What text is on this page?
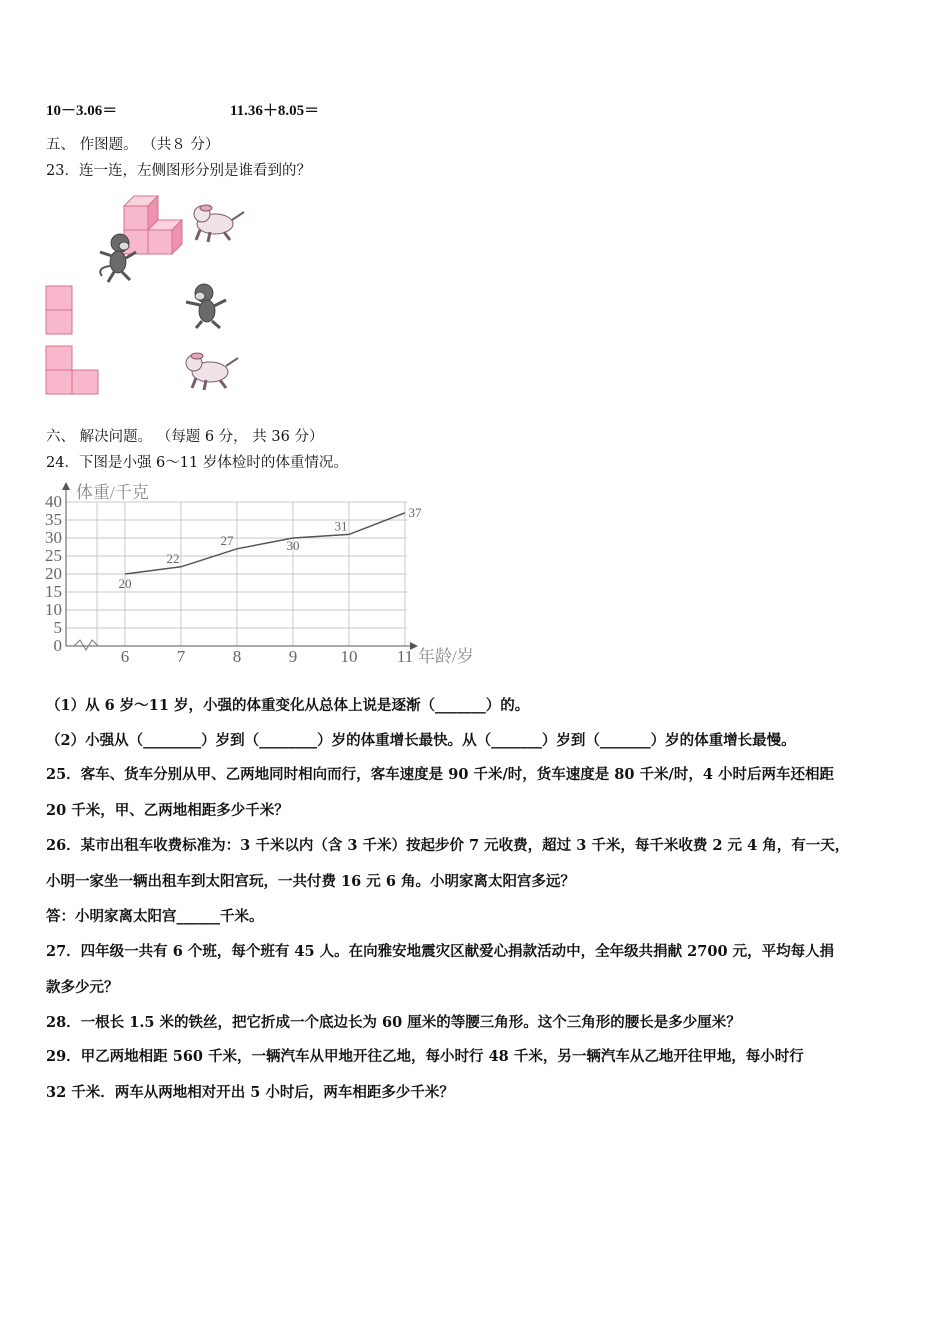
10－3.06＝	11.36＋8.05＝
五、 作图题。 （共８ 分）
23．连一连，左侧图形分别是谁看到的？
六、 解决问题。 （每题 6 分， 共 36 分）
24．下图是小强 6～11 岁体检时的体重情况。
体重/千克
年龄/岁
0
5
10
15
20
25
30
35
40
6	7	8	9	10 11
20
22
27	30
31
37
（1）从 6 岁～11 岁，小强的体重变化从总体上说是逐渐（_______）的。
（2）小强从（________）岁到（________）岁的体重增长最快。从（_______）岁到（_______）岁的体重增长最慢。
25．客车、货车分别从甲、乙两地同时相向而行，客车速度是 90 千米/时，货车速度是 80 千米/时，4 小时后两车还相距
20 千米，甲、乙两地相距多少千米？
26．某市出租车收费标准为：3 千米以内（含 3 千米）按起步价 7 元收费，超过 3 千米，每千米收费 2 元 4 角，有一天，
小明一家坐一辆出租车到太阳宫玩，一共付费 16 元 6 角。小明家离太阳宫多远？
答：小明家离太阳宫______千米。
27．四年级一共有 6 个班，每个班有 45 人。在向雅安地震灾区献爱心捐款活动中，全年级共捐献 2700 元，平均每人捐
款多少元？
28．一根长 1.5 米的铁丝，把它折成一个底边长为 60 厘米的等腰三角形。这个三角形的腰长是多少厘米？
29．甲乙两地相距 560 千米，一辆汽车从甲地开往乙地，每小时行 48 千米，另一辆汽车从乙地开往甲地，每小时行
32 千米．两车从两地相对开出 5 小时后，两车相距多少千米？
